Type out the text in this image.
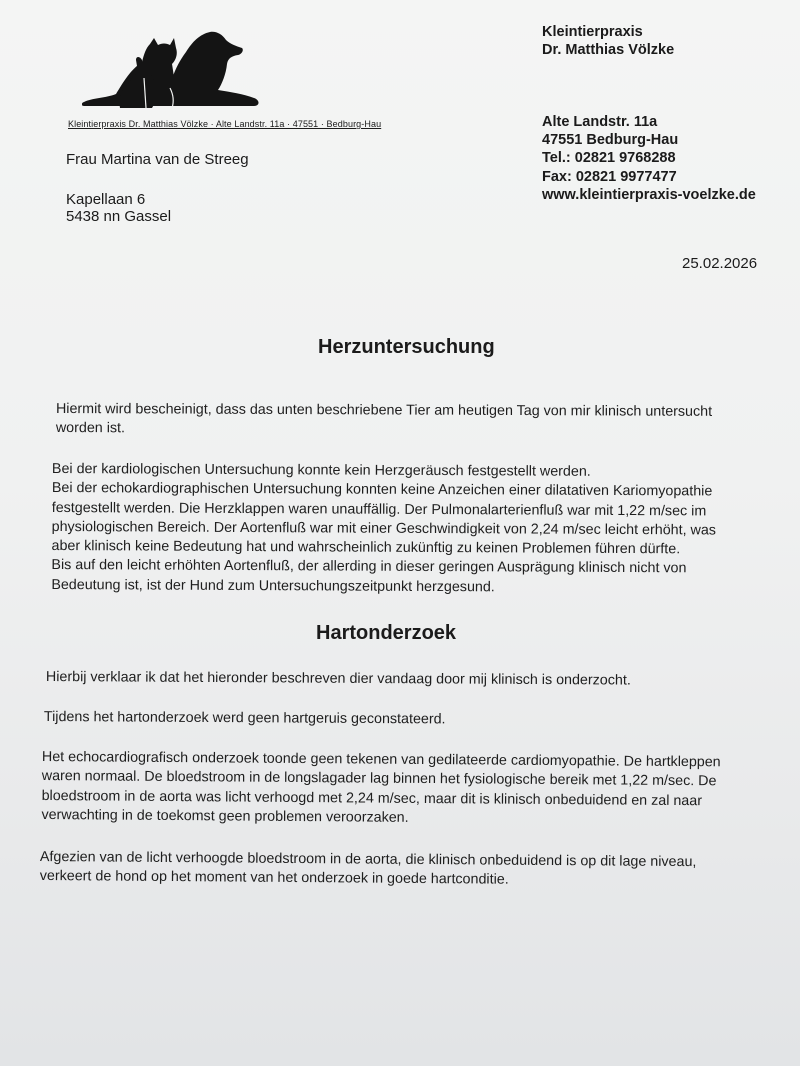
Kleintierpraxis Dr. Matthias Völzke · Alte Landstr. 11a · 47551 · Bedburg-Hau
Kleintierpraxis
Dr. Matthias Völzke
Alte Landstr. 11a
47551 Bedburg-Hau
Tel.: 02821 9768288
Fax: 02821 9977477
www.kleintierpraxis-voelzke.de
Frau Martina van de Streeg
Kapellaan 6
5438 nn Gassel
25.02.2026
Herzuntersuchung

Hiermit wird bescheinigt, dass das unten beschriebene Tier am heutigen Tag von mir klinisch untersucht

worden ist.

Bei der kardiologischen Untersuchung konnte kein Herzgeräusch festgestellt werden.

Bei der echokardiographischen Untersuchung konnten keine Anzeichen einer dilatativen Kariomyopathie

festgestellt werden. Die Herzklappen waren unauffällig. Der Pulmonalarterienfluß war mit 1,22 m/sec im

physiologischen Bereich. Der Aortenfluß war mit einer Geschwindigkeit von 2,24 m/sec leicht erhöht, was

aber klinisch keine Bedeutung hat und wahrscheinlich zukünftig zu keinen Problemen führen dürfte.

Bis auf den leicht erhöhten Aortenfluß, der allerding in dieser geringen Ausprägung klinisch nicht von

Bedeutung ist, ist der Hund zum Untersuchungszeitpunkt herzgesund.

Hartonderzoek

Hierbij verklaar ik dat het hieronder beschreven dier vandaag door mij klinisch is onderzocht.

Tijdens het hartonderzoek werd geen hartgeruis geconstateerd.

Het echocardiografisch onderzoek toonde geen tekenen van gedilateerde cardiomyopathie. De hartkleppen

waren normaal. De bloedstroom in de longslagader lag binnen het fysiologische bereik met 1,22 m/sec. De

bloedstroom in de aorta was licht verhoogd met 2,24 m/sec, maar dit is klinisch onbeduidend en zal naar

verwachting in de toekomst geen problemen veroorzaken.

Afgezien van de licht verhoogde bloedstroom in de aorta, die klinisch onbeduidend is op dit lage niveau,

verkeert de hond op het moment van het onderzoek in goede hartconditie.
